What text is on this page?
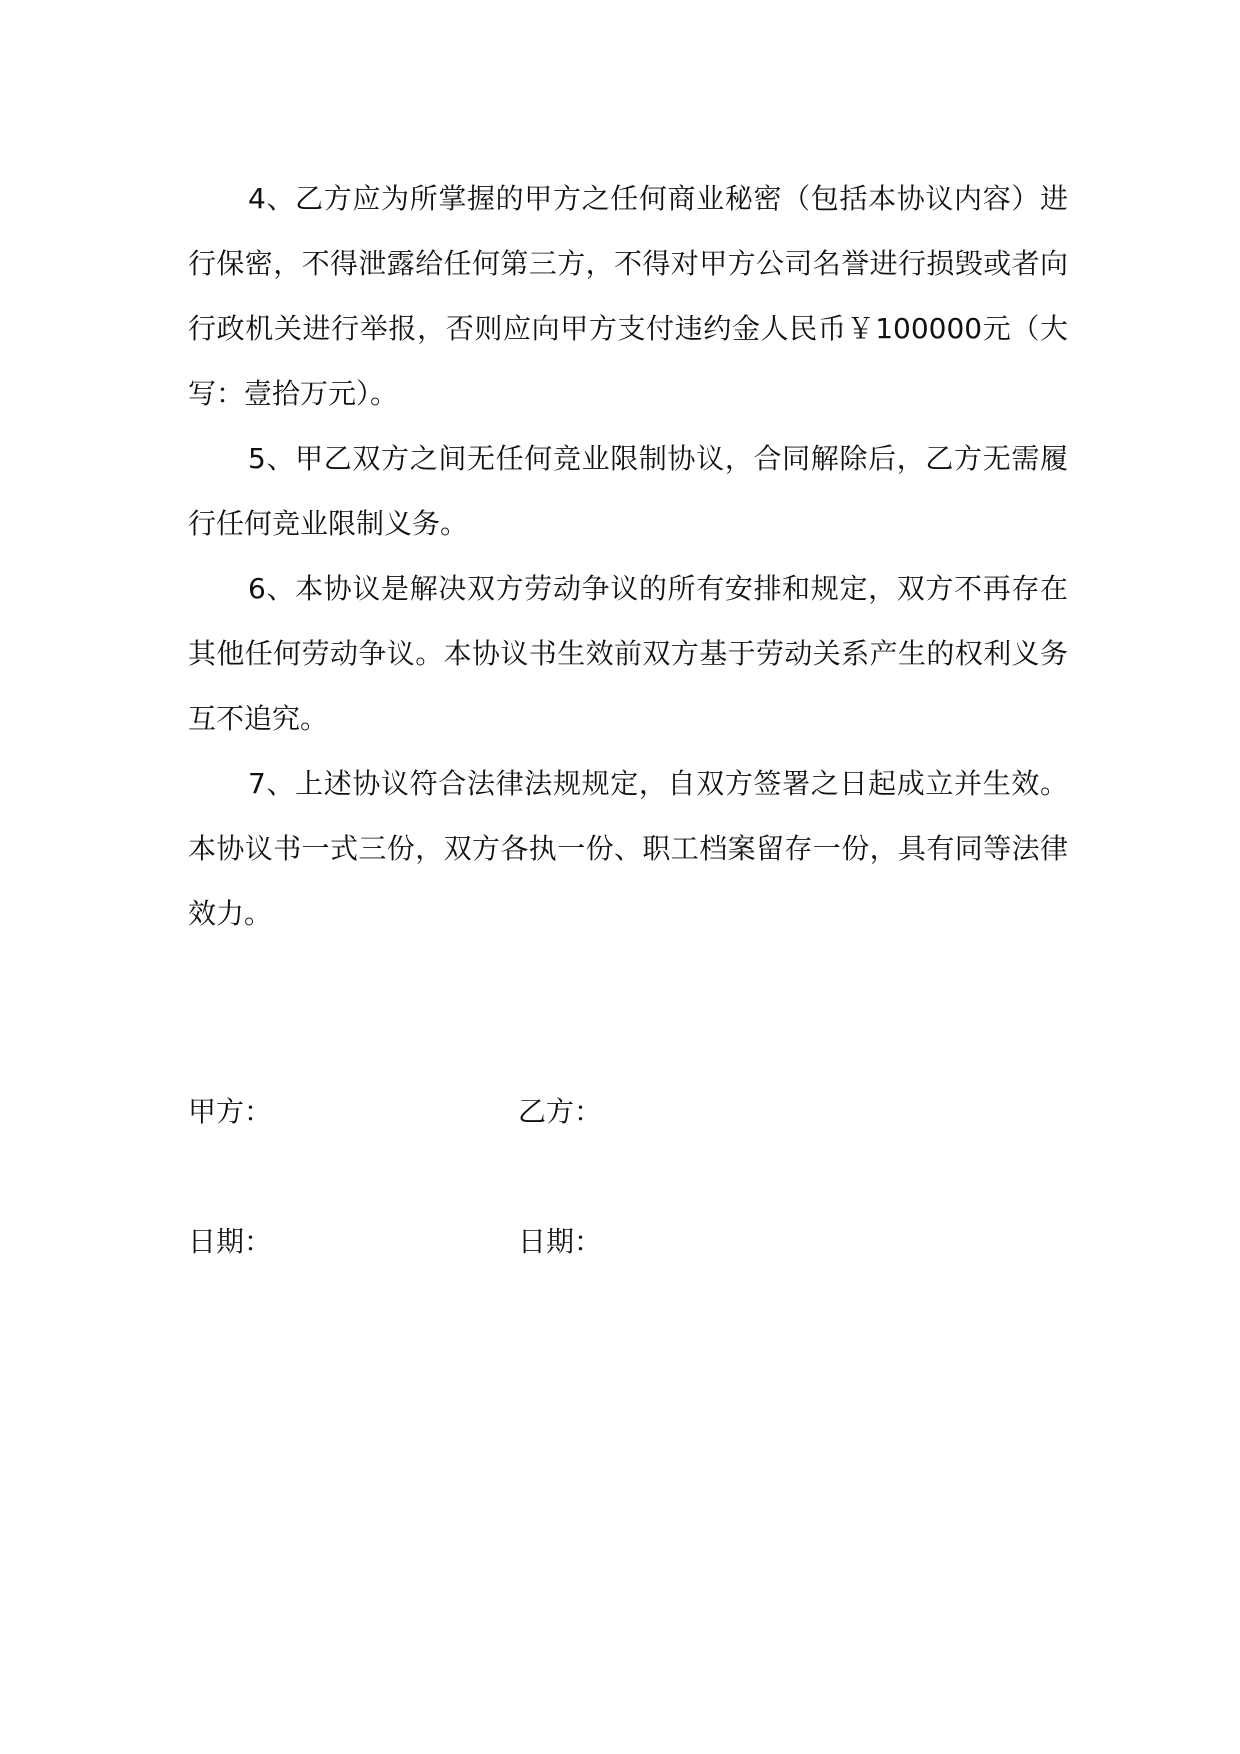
4、乙方应为所掌握的甲方之任何商业秘密（包括本协议内容）进行保密，不得泄露给任何第三方，不得对甲方公司名誉进行损毁或者向行政机关进行举报，否则应向甲方支付违约金人民币￥100000元（大写：壹拾万元）。

5、甲乙双方之间无任何竞业限制协议，合同解除后，乙方无需履行任何竞业限制义务。

6、本协议是解决双方劳动争议的所有安排和规定，双方不再存在其他任何劳动争议。本协议书生效前双方基于劳动关系产生的权利义务互不追究。

7、上述协议符合法律法规规定，自双方签署之日起成立并生效。本协议书一式三份，双方各执一份、职工档案留存一份，具有同等法律效力。

甲方：	乙方：

日期：	日期：
